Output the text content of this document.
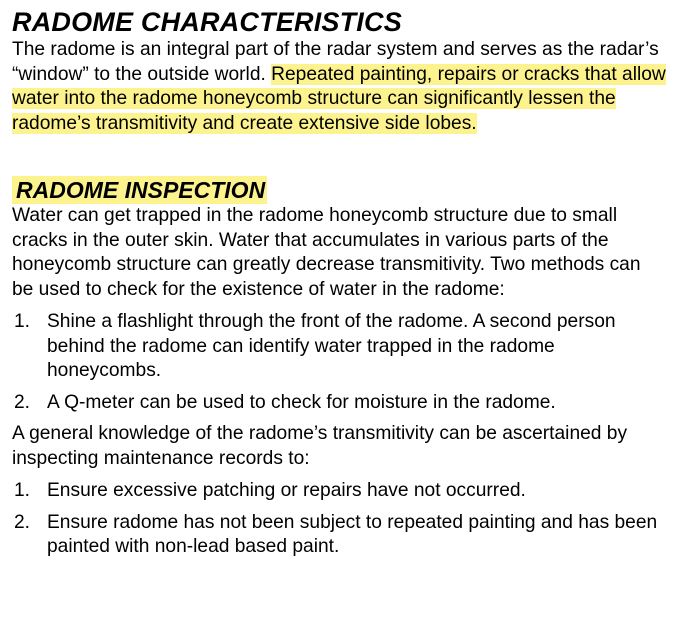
RADOME CHARACTERISTICS

The radome is an integral part of the radar system and serves as the radar’s “window” to the outside world. Repeated painting, repairs or cracks that allow water into the radome honeycomb structure can significantly lessen the radome’s transmitivity and create extensive side lobes.

RADOME INSPECTION

Water can get trapped in the radome honeycomb structure due to small cracks in the outer skin. Water that accumulates in various parts of the honeycomb structure can greatly decrease transmitivity. Two methods can be used to check for the existence of water in the radome:

1. Shine a flashlight through the front of the radome. A second person behind the radome can identify water trapped in the radome honeycombs.
2. A Q-meter can be used to check for moisture in the radome.

A general knowledge of the radome’s transmitivity can be ascertained by inspecting maintenance records to:

1. Ensure excessive patching or repairs have not occurred.
2. Ensure radome has not been subject to repeated painting and has been painted with non-lead based paint.
